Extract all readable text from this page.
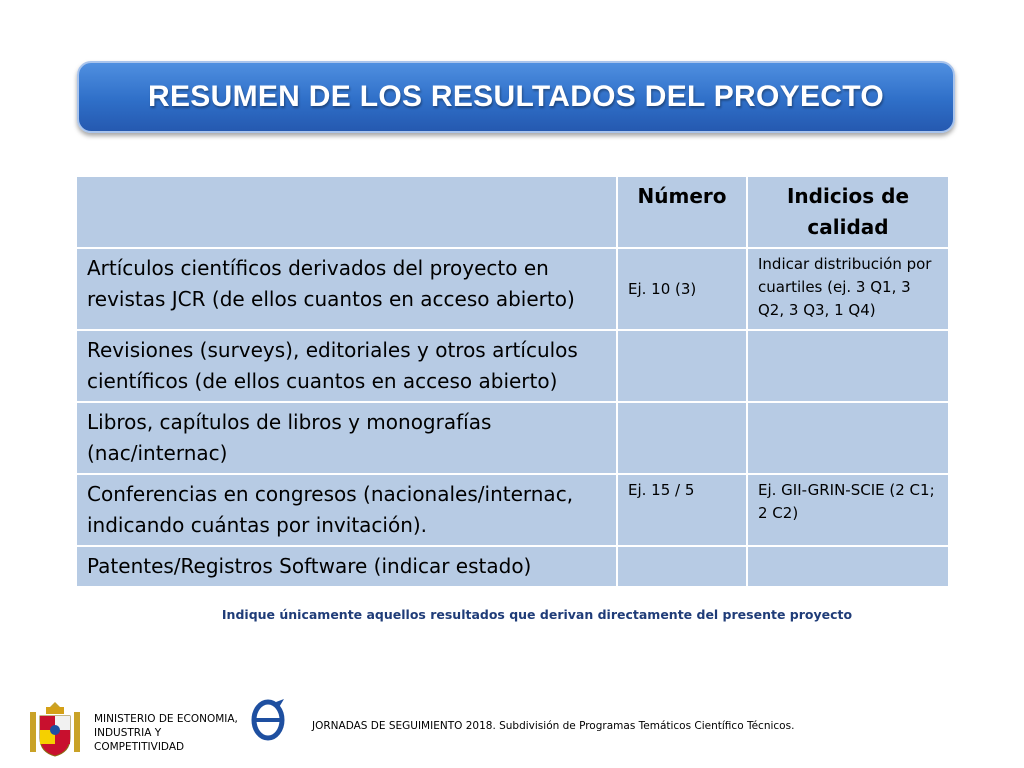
RESUMEN DE LOS RESULTADOS DEL PROYECTO
	Número	Indicios de calidad
Artículos científicos derivados del proyecto en revistas JCR (de ellos cuantos en acceso abierto)	Ej. 10 (3)	Indicar distribución por cuartiles (ej. 3 Q1, 3 Q2, 3 Q3, 1 Q4)
Revisiones (surveys), editoriales y otros artículos científicos (de ellos cuantos en acceso abierto)		
Libros, capítulos de libros y monografías (nac/internac)		
Conferencias en congresos (nacionales/internac, indicando cuántas por invitación).	Ej. 15 / 5	Ej. GII-GRIN-SCIE (2 C1; 2 C2)
Patentes/Registros Software (indicar estado)		
Indique únicamente aquellos resultados que derivan directamente del presente proyecto
MINISTERIO DE ECONOMIA, INDUSTRIA Y COMPETITIVIDAD
JORNADAS DE SEGUIMIENTO 2018. Subdivisión de Programas Temáticos Científico Técnicos.
